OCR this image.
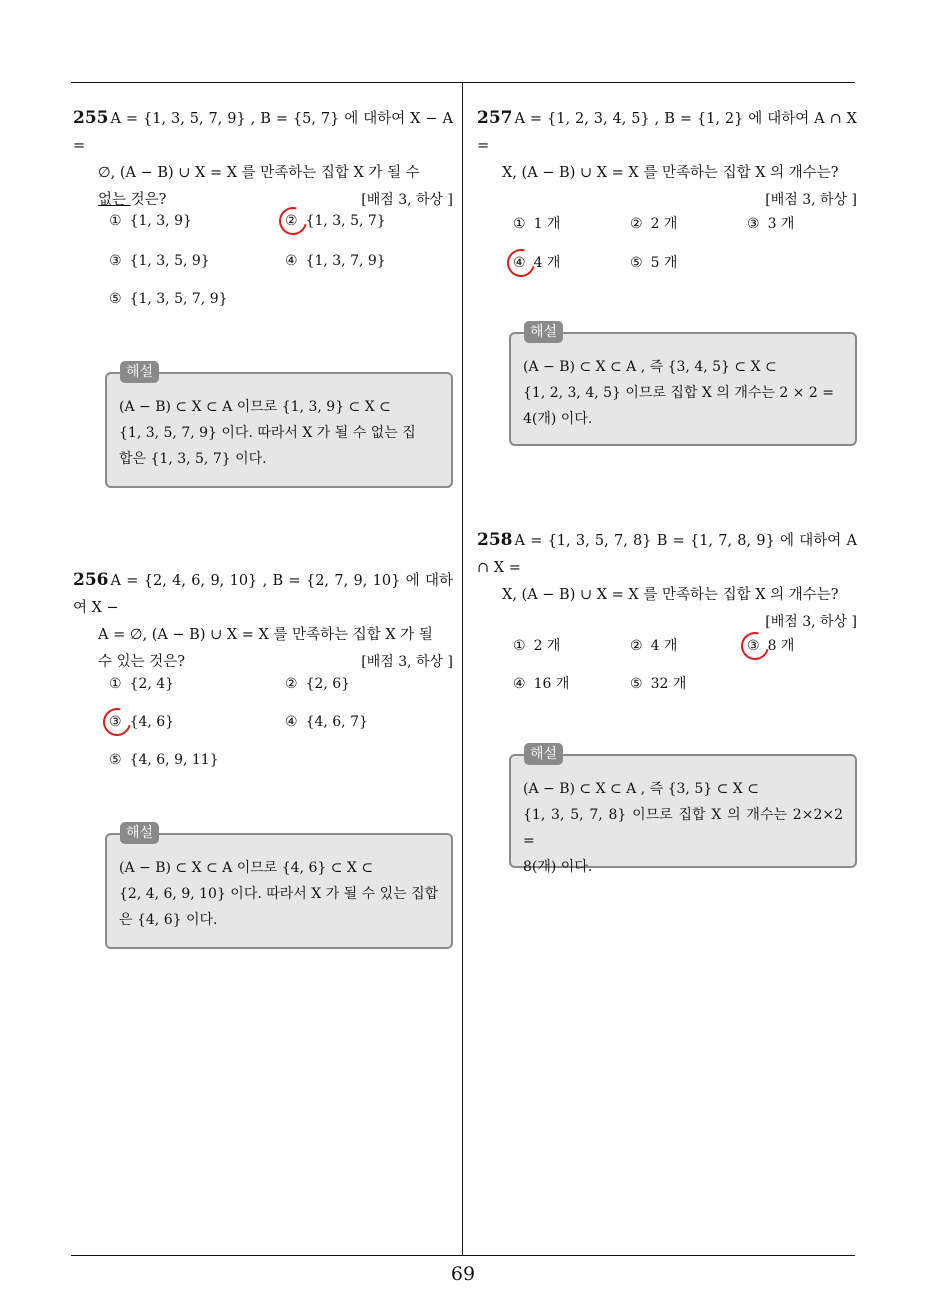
255 A = {1, 3, 5, 7, 9} , B = {5, 7} 에 대하여 X − A =
∅, (A − B) ∪ X = X 를 만족하는 집합 X 가 될 수
없는 것은?	[배점 3, 하상 ]
① {1, 3, 9}	② {1, 3, 5, 7}
③ {1, 3, 5, 9}	④ {1, 3, 7, 9}
⑤ {1, 3, 5, 7, 9}
해설
(A − B) ⊂ X ⊂ A 이므로 {1, 3, 9} ⊂ X ⊂
{1, 3, 5, 7, 9} 이다. 따라서 X 가 될 수 없는 집
합은 {1, 3, 5, 7} 이다.
256 A = {2, 4, 6, 9, 10} , B = {2, 7, 9, 10} 에 대하여 X −
A = ∅, (A − B) ∪ X = X 를 만족하는 집합 X 가 될
수 있는 것은?	[배점 3, 하상 ]
① {2, 4}	② {2, 6}
③ {4, 6}	④ {4, 6, 7}
⑤ {4, 6, 9, 11}
해설
(A − B) ⊂ X ⊂ A 이므로 {4, 6} ⊂ X ⊂
{2, 4, 6, 9, 10} 이다. 따라서 X 가 될 수 있는 집합
은 {4, 6} 이다.
257 A = {1, 2, 3, 4, 5} , B = {1, 2} 에 대하여 A ∩ X =
X, (A − B) ∪ X = X 를 만족하는 집합 X 의 개수는?
[배점 3, 하상 ]
① 1 개	② 2 개	③ 3 개
④ 4 개	⑤ 5 개
해설
(A − B) ⊂ X ⊂ A , 즉 {3, 4, 5} ⊂ X ⊂
{1, 2, 3, 4, 5} 이므로 집합 X 의 개수는 2 × 2 =
4(개) 이다.
258 A = {1, 3, 5, 7, 8} B = {1, 7, 8, 9} 에 대하여 A ∩ X =
X, (A − B) ∪ X = X 를 만족하는 집합 X 의 개수는?
[배점 3, 하상 ]
① 2 개	② 4 개	③ 8 개
④ 16 개	⑤ 32 개
해설
(A − B) ⊂ X ⊂ A , 즉 {3, 5} ⊂ X ⊂
{1, 3, 5, 7, 8} 이므로 집합 X 의 개수는 2×2×2 =
8(개) 이다.
69
